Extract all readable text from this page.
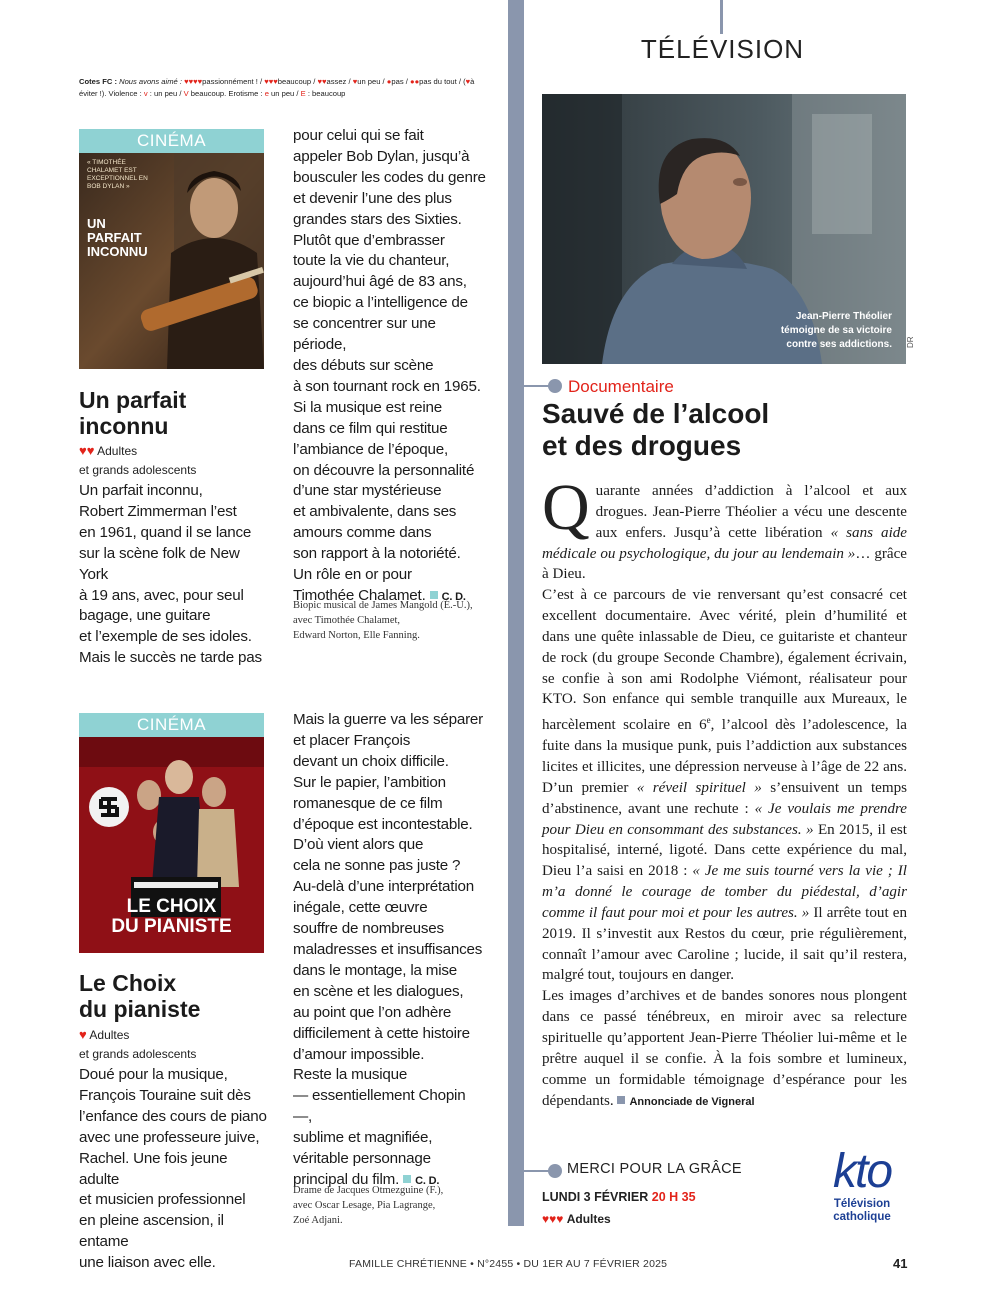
TÉLÉVISION
Cotes FC : Nous avons aimé : ♥♥♥♥passionnément ! / ♥♥♥beaucoup / ♥♥assez / ♥un peu / ●pas / ●●pas du tout / (♥à éviter !). Violence : v : un peu / V beaucoup. Erotisme : e un peu / E : beaucoup
CINÉMA
« TIMOTHÉE CHALAMET EST EXCEPTIONNEL EN BOB DYLAN »
UN PARFAIT INCONNU
Un parfait
inconnu
♥♥ Adultes
et grands adolescents
Un parfait inconnu,
Robert Zimmerman l’est
en 1961, quand il se lance
sur la scène folk de New York
à 19 ans, avec, pour seul
bagage, une guitare
et l’exemple de ses idoles.
Mais le succès ne tarde pas
pour celui qui se fait
appeler Bob Dylan, jusqu’à
bousculer les codes du genre
et devenir l’une des plus
grandes stars des Sixties.
Plutôt que d’embrasser
toute la vie du chanteur,
aujourd’hui âgé de 83 ans,
ce biopic a l’intelligence de
se concentrer sur une période,
des débuts sur scène
à son tournant rock en 1965.
Si la musique est reine
dans ce film qui restitue
l’ambiance de l’époque,
on découvre la personnalité
d’une star mystérieuse
et ambivalente, dans ses
amours comme dans
son rapport à la notoriété.
Un rôle en or pour
Timothée Chalamet. C. D.
Biopic musical de James Mangold (É.-U.),
avec Timothée Chalamet,
Edward Norton, Elle Fanning.
CINÉMA
LE CHOIX
DU PIANISTE
Le Choix
du pianiste
♥ Adultes
et grands adolescents
Doué pour la musique,
François Touraine suit dès
l’enfance des cours de piano
avec une professeure juive,
Rachel. Une fois jeune adulte
et musicien professionnel
en pleine ascension, il entame
une liaison avec elle.
Mais la guerre va les séparer
et placer François
devant un choix difficile.
Sur le papier, l’ambition
romanesque de ce film
d’époque est incontestable.
D’où vient alors que
cela ne sonne pas juste ?
Au-delà d’une interprétation
inégale, cette œuvre
souffre de nombreuses
maladresses et insuffisances
dans le montage, la mise
en scène et les dialogues,
au point que l’on adhère
difficilement à cette histoire
d’amour impossible.
Reste la musique
— essentiellement Chopin —,
sublime et magnifiée,
véritable personnage
principal du film. C. D.
Drame de Jacques Otmezguine (F.),
avec Oscar Lesage, Pia Lagrange,
Zoé Adjani.
Jean-Pierre Théolier
témoigne de sa victoire
contre ses addictions. DR
Documentaire
Sauvé de l’alcool
et des drogues

Quarante années d’addiction à l’alcool et aux drogues. Jean-Pierre Théolier a vécu une descente aux enfers. Jusqu’à cette libération « sans aide médicale ou psychologique, du jour au lendemain »… grâce à Dieu.

C’est à ce parcours de vie renversant qu’est consacré cet excellent documentaire. Avec vérité, plein d’humilité et dans une quête inlassable de Dieu, ce guitariste et chanteur de rock (du groupe Seconde Chambre), également écrivain, se confie à son ami Rodolphe Viémont, réalisateur pour KTO. Son enfance qui semble tranquille aux Mureaux, le harcèlement scolaire en 6e, l’alcool dès l’adolescence, la fuite dans la musique punk, puis l’addiction aux substances licites et illicites, une dépression nerveuse à l’âge de 22 ans. D’un premier « réveil spirituel » s’ensuivent un temps d’abstinence, avant une rechute : « Je voulais me prendre pour Dieu en consommant des substances. » En 2015, il est hospitalisé, interné, ligoté. Dans cette expérience du mal, Dieu l’a saisi en 2018 : « Je me suis tourné vers la vie ; Il m’a donné le courage de tomber du piédestal, d’agir comme il faut pour moi et pour les autres. » Il arrête tout en 2019. Il s’investit aux Restos du cœur, prie régulièrement, connaît l’amour avec Caroline ; lucide, il sait qu’il restera, malgré tout, toujours en danger.

Les images d’archives et de bandes sonores nous plongent dans ce passé ténébreux, en miroir avec sa relecture spirituelle qu’apportent Jean-Pierre Théolier lui-même et le prêtre auquel il se confie. À la fois sombre et lumineux, comme un formidable témoignage d’espérance pour les dépendants. Annonciade de Vigneral

MERCI POUR LA GRÂCE
LUNDI 3 FÉVRIER 20 H 35
♥♥♥ Adultes
kto
Télévision
catholique
FAMILLE CHRÉTIENNE • N°2455 • DU 1ER AU 7 FÉVRIER 2025	41
